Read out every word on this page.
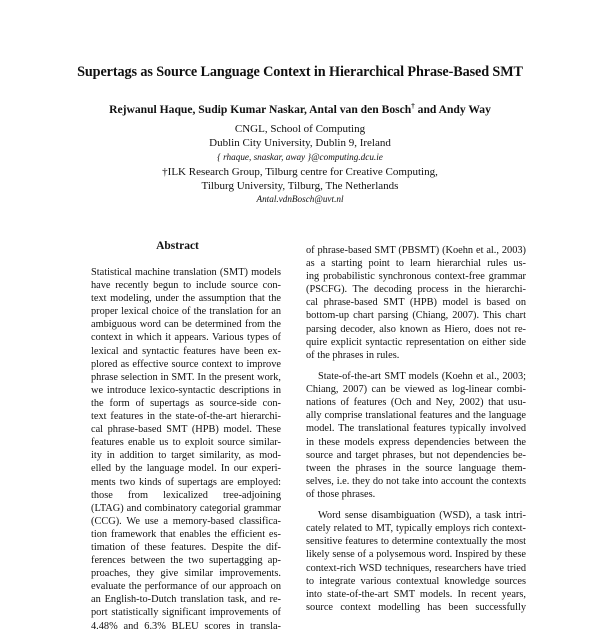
Supertags as Source Language Context in Hierarchical Phrase-Based SMT
Rejwanul Haque, Sudip Kumar Naskar, Antal van den Bosch† and Andy Way
CNGL, School of Computing
Dublin City University, Dublin 9, Ireland
{ rhaque, snaskar, away }@computing.dcu.ie
†ILK Research Group, Tilburg centre for Creative Computing,
Tilburg University, Tilburg, The Netherlands
Antal.vdnBosch@uvt.nl
Abstract
Statistical machine translation (SMT) models
have recently begun to include source con-
text modeling, under the assumption that the
proper lexical choice of the translation for an
ambiguous word can be determined from the
context in which it appears. Various types of
lexical and syntactic features have been ex-
plored as effective source context to improve
phrase selection in SMT. In the present work,
we introduce lexico-syntactic descriptions in
the form of supertags as source-side con-
text features in the state-of-the-art hierarchi-
cal phrase-based SMT (HPB) model. These
features enable us to exploit source similar-
ity in addition to target similarity, as mod-
elled by the language model. In our experi-
ments two kinds of supertags are employed:
those from lexicalized tree-adjoining
(LTAG) and combinatory categorial grammar
(CCG). We use a memory-based classifica-
tion framework that enables the efficient es-
timation of these features. Despite the dif-
ferences between the two supertagging ap-
proaches, they give similar improvements.
evaluate the performance of our approach on
an English-to-Dutch translation task, and re-
port statistically significant improvements of
4.48% and 6.3% BLEU scores in transla-
of phrase-based SMT (PBSMT) (Koehn et al., 2003)
as a starting point to learn hierarchial rules us-
ing probabilistic synchronous context-free grammar
(PSCFG). The decoding process in the hierarchi-
cal phrase-based SMT (HPB) model is based on
bottom-up chart parsing (Chiang, 2007). This chart
parsing decoder, also known as Hiero, does not re-
quire explicit syntactic representation on either side
of the phrases in rules.
State-of-the-art SMT models (Koehn et al., 2003;
Chiang, 2007) can be viewed as log-linear combi-
nations of features (Och and Ney, 2002) that usu-
ally comprise translational features and the language
model. The translational features typically involved
in these models express dependencies between the
source and target phrases, but not dependencies be-
tween the phrases in the source language them-
selves, i.e. they do not take into account the contexts
of those phrases.
Word sense disambiguation (WSD), a task intri-
cately related to MT, typically employs rich context-
sensitive features to determine contextually the most
likely sense of a polysemous word. Inspired by these
context-rich WSD techniques, researchers have tried
to integrate various contextual knowledge sources
into state-of-the-art SMT models. In recent years,
source context modelling has been successfully
